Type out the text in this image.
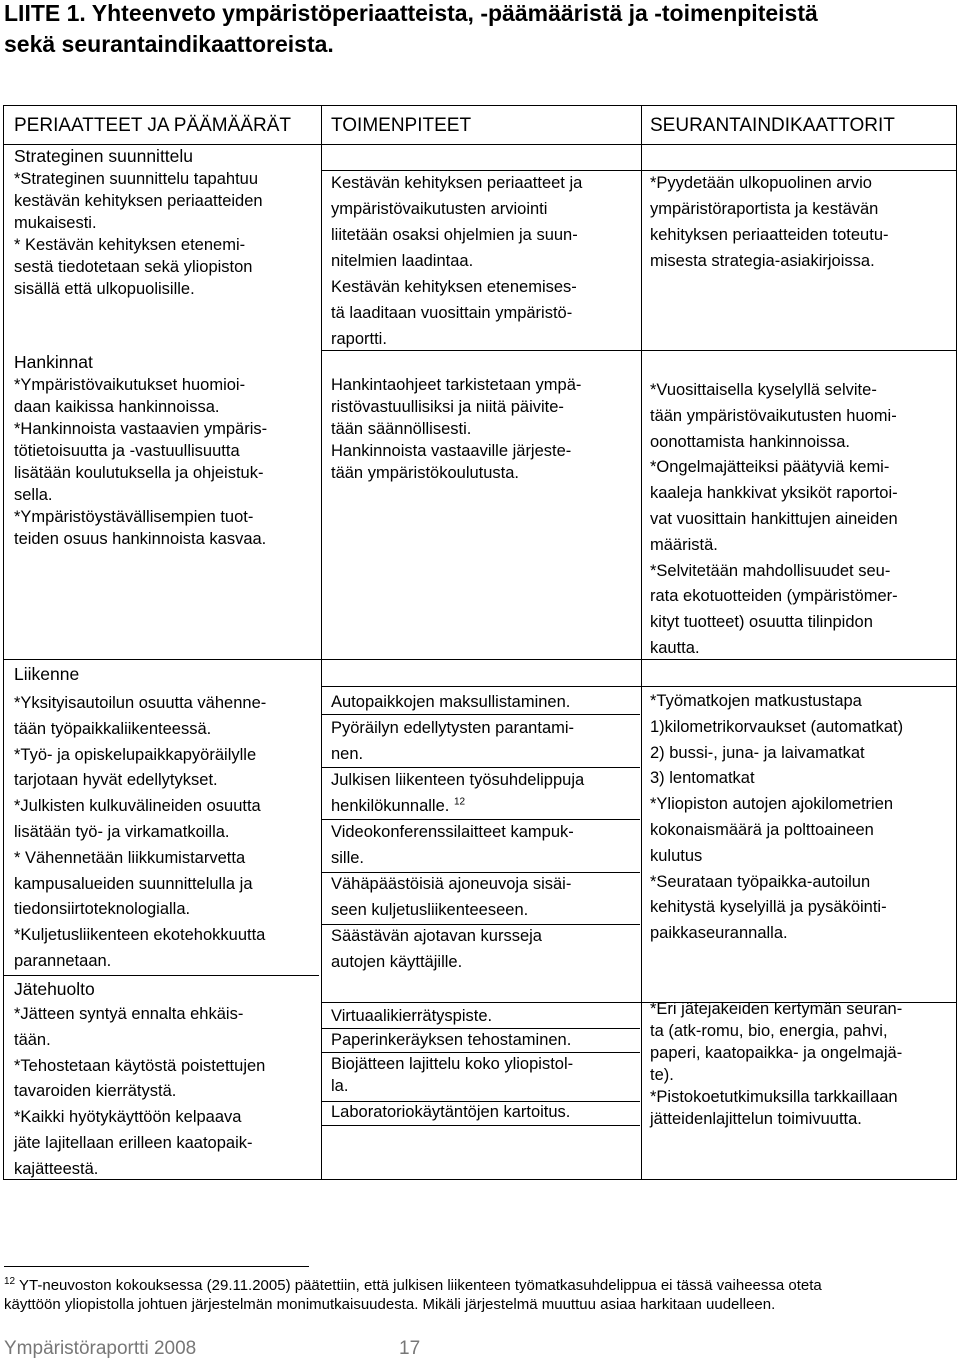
LIITE 1. Yhteenveto ympäristöperiaatteista, -päämääristä ja -toimenpiteistä
sekä seurantaindikaattoreista.
PERIAATTEET JA PÄÄMÄÄRÄT TOIMENPITEET	SEURANTAINDIKAATTORIT
Strateginen suunnittelu
*Strateginen suunnittelu tapahtuu
kestävän kehityksen periaatteiden
mukaisesti.
* Kestävän kehityksen etenemi-
sestä tiedotetaan sekä yliopiston
sisällä että ulkopuolisille.
Kestävän kehityksen periaatteet ja
ympäristövaikutusten arviointi
liitetään osaksi ohjelmien ja suun-
nitelmien laadintaa.
Kestävän kehityksen etenemises-
tä laaditaan vuosittain ympäristö-
raportti.
*Pyydetään ulkopuolinen arvio
ympäristöraportista ja kestävän
kehityksen periaatteiden toteutu-
misesta strategia-asiakirjoissa.
Hankinnat
*Ympäristövaikutukset huomioi-
daan kaikissa hankinnoissa.
*Hankinnoista vastaavien ympäris-
tötietoisuutta ja -vastuullisuutta
lisätään koulutuksella ja ohjeistuk-
sella.
*Ympäristöystävällisempien tuot-
teiden osuus hankinnoista kasvaa.
Hankintaohjeet tarkistetaan ympä-
ristövastuullisiksi ja niitä päivite-
tään säännöllisesti.
Hankinnoista vastaaville järjeste-
tään ympäristökoulutusta.
*Vuosittaisella kyselyllä selvite-
tään ympäristövaikutusten huomi-
oonottamista hankinnoissa.
*Ongelmajätteiksi päätyviä kemi-
kaaleja hankkivat yksiköt raportoi-
vat vuosittain hankittujen aineiden
määristä.
*Selvitetään mahdollisuudet seu-
rata ekotuotteiden (ympäristömer-
kityt tuotteet) osuutta tilinpidon
kautta.
Liikenne
*Yksityisautoilun osuutta vähenne-
tään työpaikkaliikenteessä.
*Työ- ja opiskelupaikkapyöräilylle
tarjotaan hyvät edellytykset.
*Julkisten kulkuvälineiden osuutta
lisätään työ- ja virkamatkoilla.
* Vähennetään liikkumistarvetta
kampusalueiden suunnittelulla ja
tiedonsiirtoteknologialla.
*Kuljetusliikenteen ekotehokkuutta
parannetaan.
Autopaikkojen maksullistaminen.
Pyöräilyn edellytysten parantami-
nen.
Julkisen liikenteen työsuhdelippuja
henkilökunnalle. $^{12}$
Videokonferenssilaitteet kampuk-
sille.
Vähäpäästöisiä ajoneuvoja sisäi-
seen kuljetusliikenteeseen.
Säästävän ajotavan kursseja
autojen käyttäjille.
*Työmatkojen matkustustapa
1)kilometrikorvaukset (automatkat)
2) bussi-, juna- ja laivamatkat
3) lentomatkat
*Yliopiston autojen ajokilometrien
kokonaismäärä ja polttoaineen
kulutus
*Seurataan työpaikka-autoilun
kehitystä kyselyillä ja pysäköinti-
paikkaseurannalla.
Jätehuolto
*Jätteen syntyä ennalta ehkäis-
tään.
*Tehostetaan käytöstä poistettujen
tavaroiden kierrätystä.
*Kaikki hyötykäyttöön kelpaava
jäte lajitellaan erilleen kaatopaik-
kajätteestä.
Virtuaalikierrätyspiste.
Paperinkeräyksen tehostaminen.
Biojätteen lajittelu koko yliopistol-
la.
Laboratoriokäytäntöjen kartoitus.
*Eri jätejakeiden kertymän seuran-
ta (atk-romu, bio, energia, pahvi,
paperi, kaatopaikka- ja ongelmajä-
te).
*Pistokoetutkimuksilla tarkkaillaan
jätteidenlajittelun toimivuutta.
$^{12}$ YT-neuvoston kokouksessa (29.11.2005) päätettiin, että julkisen liikenteen työmatkasuhdelippua ei tässä vaiheessa oteta
käyttöön yliopistolla johtuen järjestelmän monimutkaisuudesta. Mikäli järjestelmä muuttuu asiaa harkitaan uudelleen.
Ympäristöraportti 2008	17
